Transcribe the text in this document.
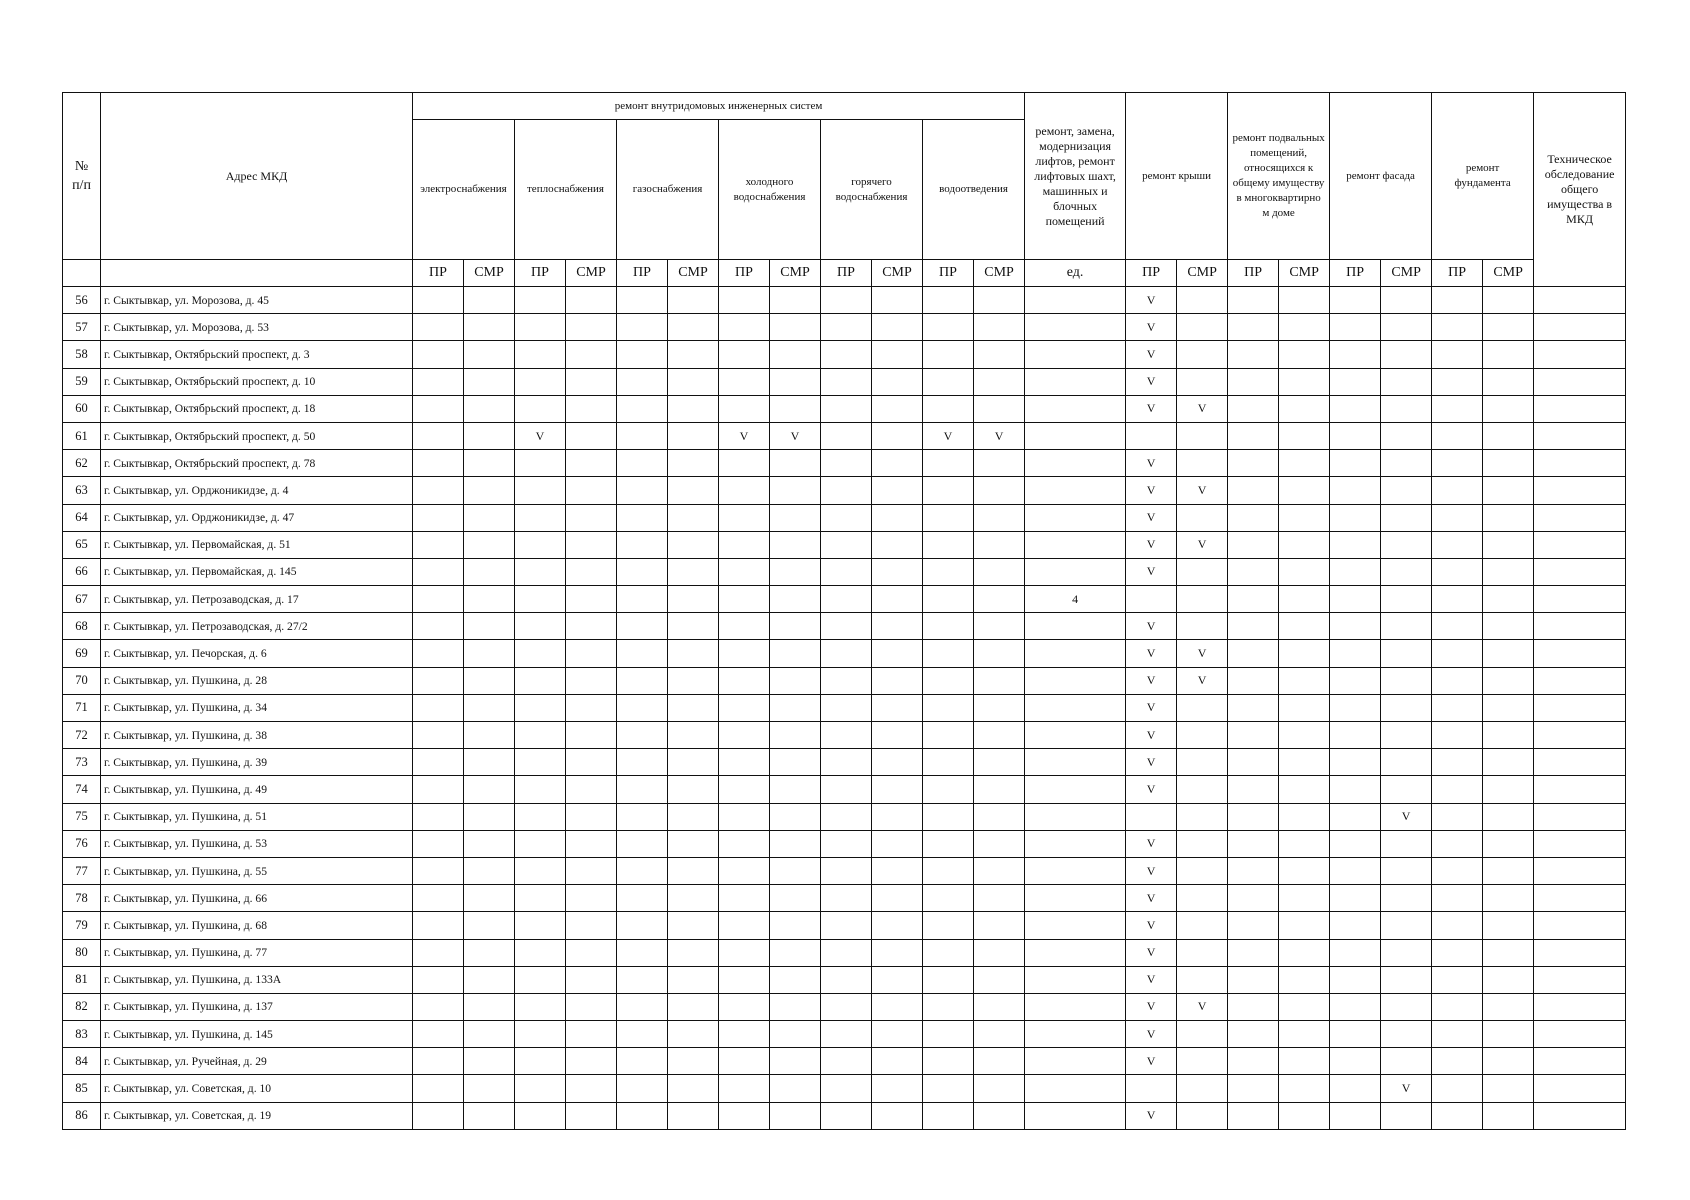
№
п/п	Адрес МКД	ремонт внутридомовых инженерных систем												ремонт, замена, модернизация лифтов, ремонт лифтовых шахт, машинных и блочных помещений	ремонт крыши		ремонт подвальных помещений, относящихся к общему имуществу в многоквартирно м доме		ремонт фасада		ремонт фундамента		Техническое обследование общего имущества в МКД
		электроснабжения		теплоснабжения		газоснабжения		холодного водоснабжения		горячего водоснабжения		водоотведения											
		ПР	СМР	ПР	СМР	ПР	СМР	ПР	СМР	ПР	СМР	ПР	СМР	ед.	ПР	СМР	ПР	СМР	ПР	СМР	ПР	СМР	
56	г. Сыктывкар, ул. Морозова, д. 45														V								
57	г. Сыктывкар, ул. Морозова, д. 53														V								
58	г. Сыктывкар, Октябрьский проспект, д. 3														V								
59	г. Сыктывкар, Октябрьский проспект, д. 10														V								
60	г. Сыктывкар, Октябрьский проспект, д. 18														V	V							
61	г. Сыктывкар, Октябрьский проспект, д. 50			V				V	V			V	V										
62	г. Сыктывкар, Октябрьский проспект, д. 78														V								
63	г. Сыктывкар, ул. Орджоникидзе, д. 4														V	V							
64	г. Сыктывкар, ул. Орджоникидзе, д. 47														V								
65	г. Сыктывкар, ул. Первомайская, д. 51														V	V							
66	г. Сыктывкар, ул. Первомайская, д. 145														V								
67	г. Сыктывкар, ул. Петрозаводская, д. 17													4									
68	г. Сыктывкар, ул. Петрозаводская, д. 27/2														V								
69	г. Сыктывкар, ул. Печорская, д. 6														V	V							
70	г. Сыктывкар, ул. Пушкина, д. 28														V	V							
71	г. Сыктывкар, ул. Пушкина, д. 34														V								
72	г. Сыктывкар, ул. Пушкина, д. 38														V								
73	г. Сыктывкар, ул. Пушкина, д. 39														V								
74	г. Сыктывкар, ул. Пушкина, д. 49														V								
75	г. Сыктывкар, ул. Пушкина, д. 51																			V			
76	г. Сыктывкар, ул. Пушкина, д. 53														V								
77	г. Сыктывкар, ул. Пушкина, д. 55														V								
78	г. Сыктывкар, ул. Пушкина, д. 66														V								
79	г. Сыктывкар, ул. Пушкина, д. 68														V								
80	г. Сыктывкар, ул. Пушкина, д. 77														V								
81	г. Сыктывкар, ул. Пушкина, д. 133А														V								
82	г. Сыктывкар, ул. Пушкина, д. 137														V	V							
83	г. Сыктывкар, ул. Пушкина, д. 145														V								
84	г. Сыктывкар, ул. Ручейная, д. 29														V								
85	г. Сыктывкар, ул. Советская, д. 10																			V			
86	г. Сыктывкар, ул. Советская, д. 19														V								
